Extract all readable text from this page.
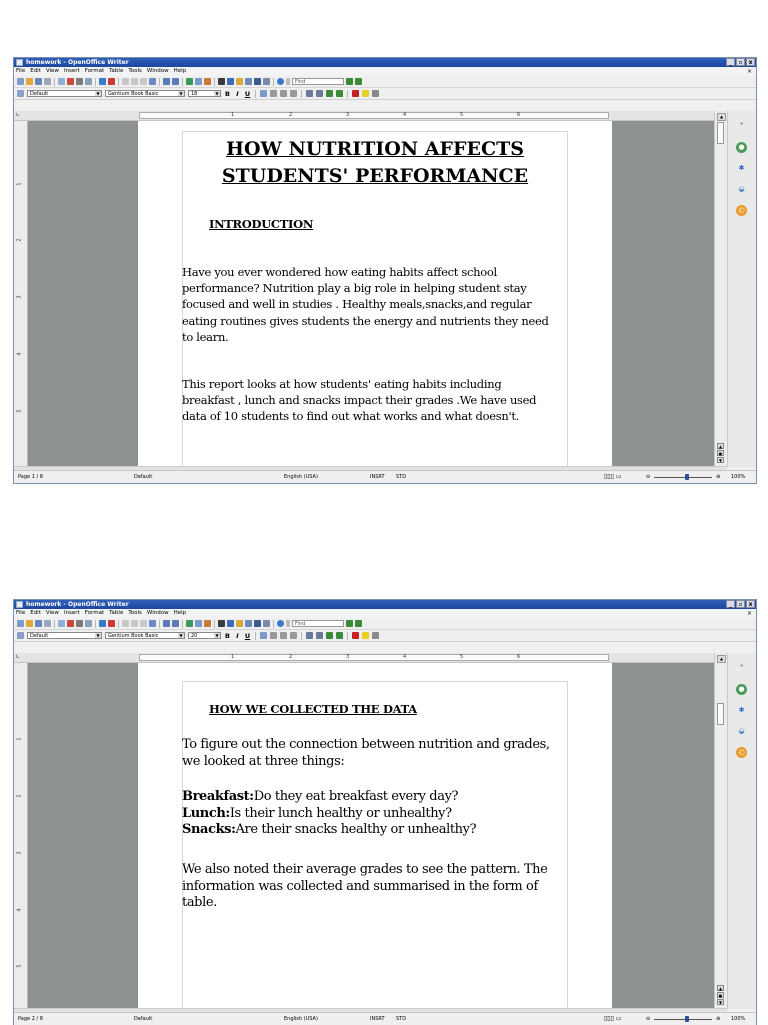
homework - OpenOffice Writer	_	▫	x
File Edit View Insert Format Table Tools Window Help	×
Find
Default	▼	Gentium Book Basic	▼	18	▼ B I U
∟	1	2	3	4	5	6
1
2
3
4
5
HOW NUTRITION AFFECTS
STUDENTS' PERFORMANCE
INTRODUCTION

Have you ever wondered how eating habits affect school

performance? Nutrition play a big role in helping student stay

focused and well in studies . Healthy meals,snacks,and regular

eating routines gives students the energy and nutrients they need

to learn.

This report looks at how students' eating habits including

breakfast , lunch and snacks impact their grades .We have used

data of 10 students to find out what works and what doesn't.

▲
▲
●
▼
⁌
●
✱
◒
◴
Page 1 / 8	Default	English (USA)	INSRT STD	▯▯▯ ▭	⊖	⊕ 100%
homework - OpenOffice Writer	_	▫	x
File Edit View Insert Format Table Tools Window Help	×
Find
Default	▼	Gentium Book Basic	▼	20	▼ B I U
∟	1	2	3	4	5	6
1
2
3
4
5
HOW WE COLLECTED THE DATA

To figure out the connection between nutrition and grades,

we looked at three things:

Breakfast:Do they eat breakfast every day?

Lunch:Is their lunch healthy or unhealthy?

Snacks:Are their snacks healthy or unhealthy?

We also noted their average grades to see the pattern. The

information was collected and summarised in the form of

table.

▲
▲
●
▼
⁌
●
✱
◒
◴
Page 2 / 8	Default	English (USA)	INSRT STD	▯▯▯ ▭	⊖	⊕ 100%
